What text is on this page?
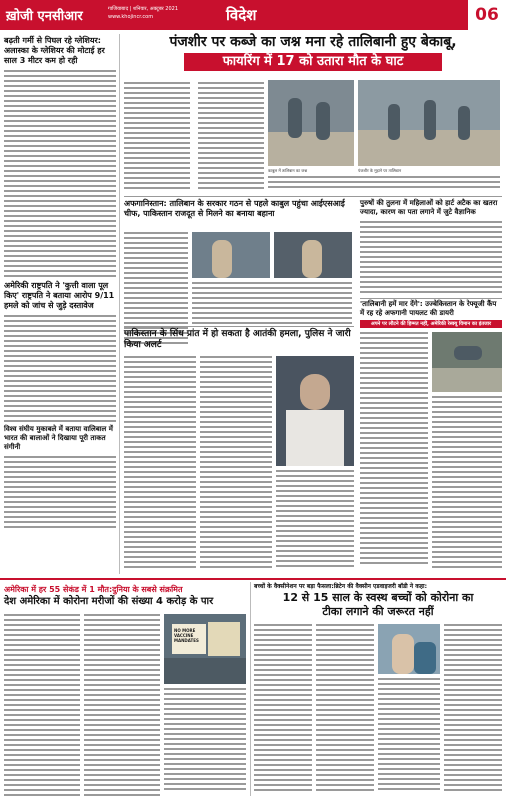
ख़ोजी एनसीआर	गाजियाबाद | शनिवार, अक्टूबर 2021
www.khojincr.com	विदेश	06
बढ़ती गर्मी से पिघल रहे ग्लेशियर: अलास्का के ग्लेशियर की मोटाई हर साल 3 मीटर कम हो रही
अमेरिकी राष्ट्रपति ने 'कुत्ती वाला पूल किए' राष्ट्रपति ने बताया आरोप 9/11 हमले को जांच से जुड़े दस्तावेज
विश्व संघीय मुकाबले में बताया वालिबाल में भारत की बालाओं ने दिखाया पूरी ताकत संगीनी
पंजशीर पर कब्जे का जश्न मना रहे तालिबानी हुए बेकाबू,
फायरिंग में 17 को उतारा मौत के घाट
काबुल में तालिबान का जश्न	पंजशीर के मुहाने पर तालिबान
अफगानिस्तान: तालिबान के सरकार गठन से पहले काबुल पहुंचा आईएसआई चीफ, पाकिस्तान राजदूत से मिलने का बनाया बहाना
पुरुषों की तुलना में महिलाओं को हार्ट अटैक का खतरा ज्यादा, कारण का पता लगाने में जुटे वैज्ञानिक
पाकिस्तान के सिंध प्रांत में हो सकता है आतंकी हमला, पुलिस ने जारी किया अलर्ट
'तालिबानी हमें मार देंगे': उज्बेकिस्तान के रेफ्यूजी कैंप में रह रहे अफगानी पायलट की डायरी
अपने पर लौटने की हिम्मत नहीं, अमेरिकी रेस्क्यू विमान का इंतजार
अमेरिका में हर 55 सेकंड में 1 मौत:दुनिया के सबसे संक्रमित
देश अमेरिका में कोरोना मरीजों की संख्या 4 करोड़ के पार
NO MORE VACCINE MANDATES
बच्चों के वैक्सीनेशन पर बड़ा फैसला:ब्रिटेन की वैक्सीन एडवाइजरी बॉडी ने कहा:
12 से 15 साल के स्वस्थ बच्चों को कोरोना का
टीका लगाने की जरूरत नहीं
